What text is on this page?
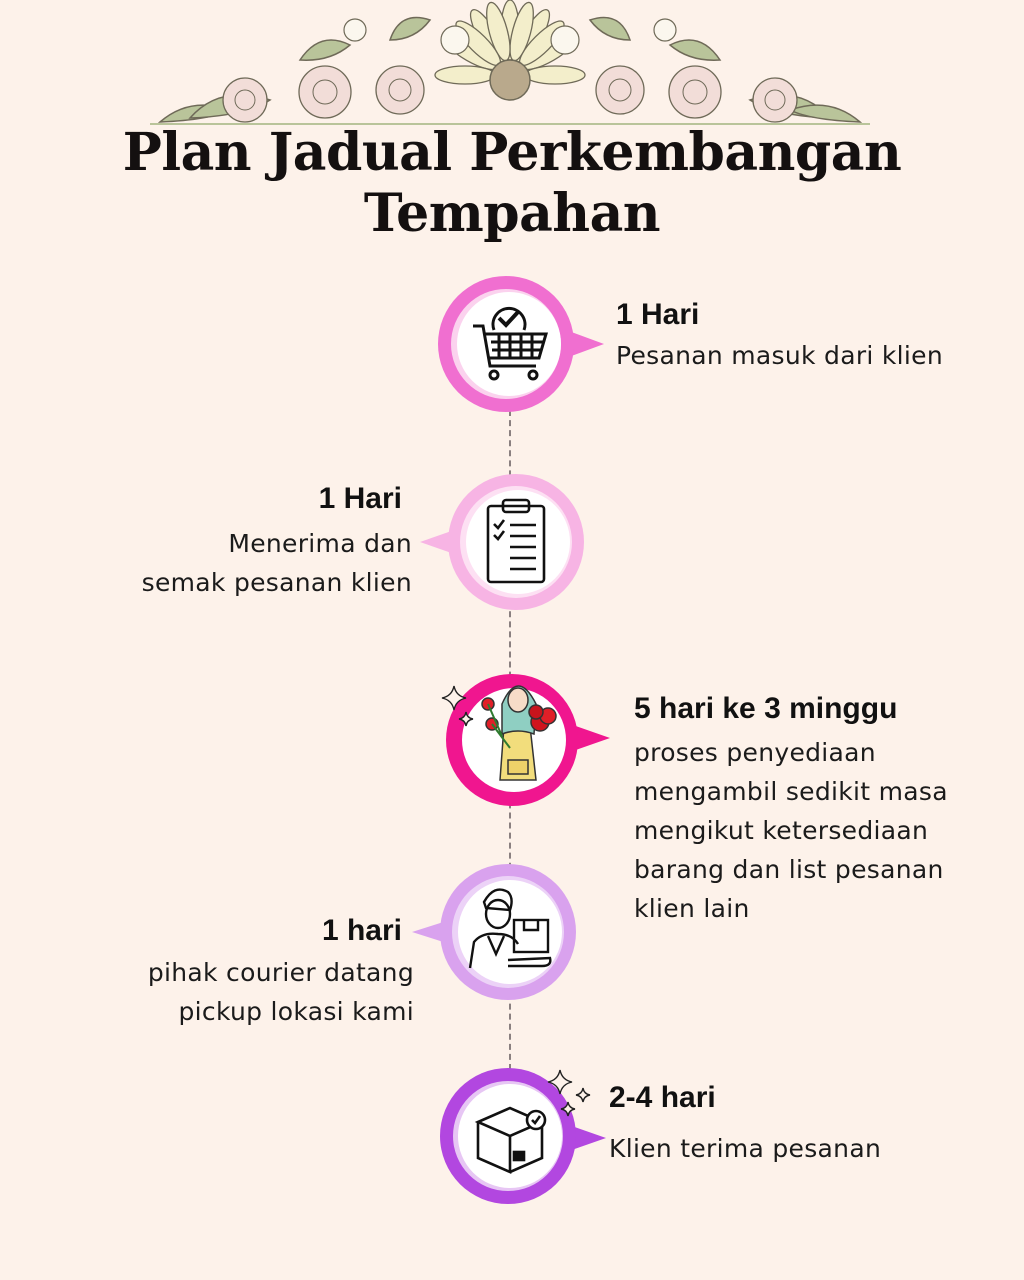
Plan Jadual Perkembangan Tempahan

1 Hari

Pesanan masuk dari klien

1 Hari

Menerima dan
semak pesanan klien

5 hari ke 3 minggu

proses penyediaan
mengambil sedikit masa
mengikut ketersediaan
barang dan list pesanan
klien lain

1 hari

pihak courier datang
pickup lokasi kami

2-4 hari

Klien terima pesanan
